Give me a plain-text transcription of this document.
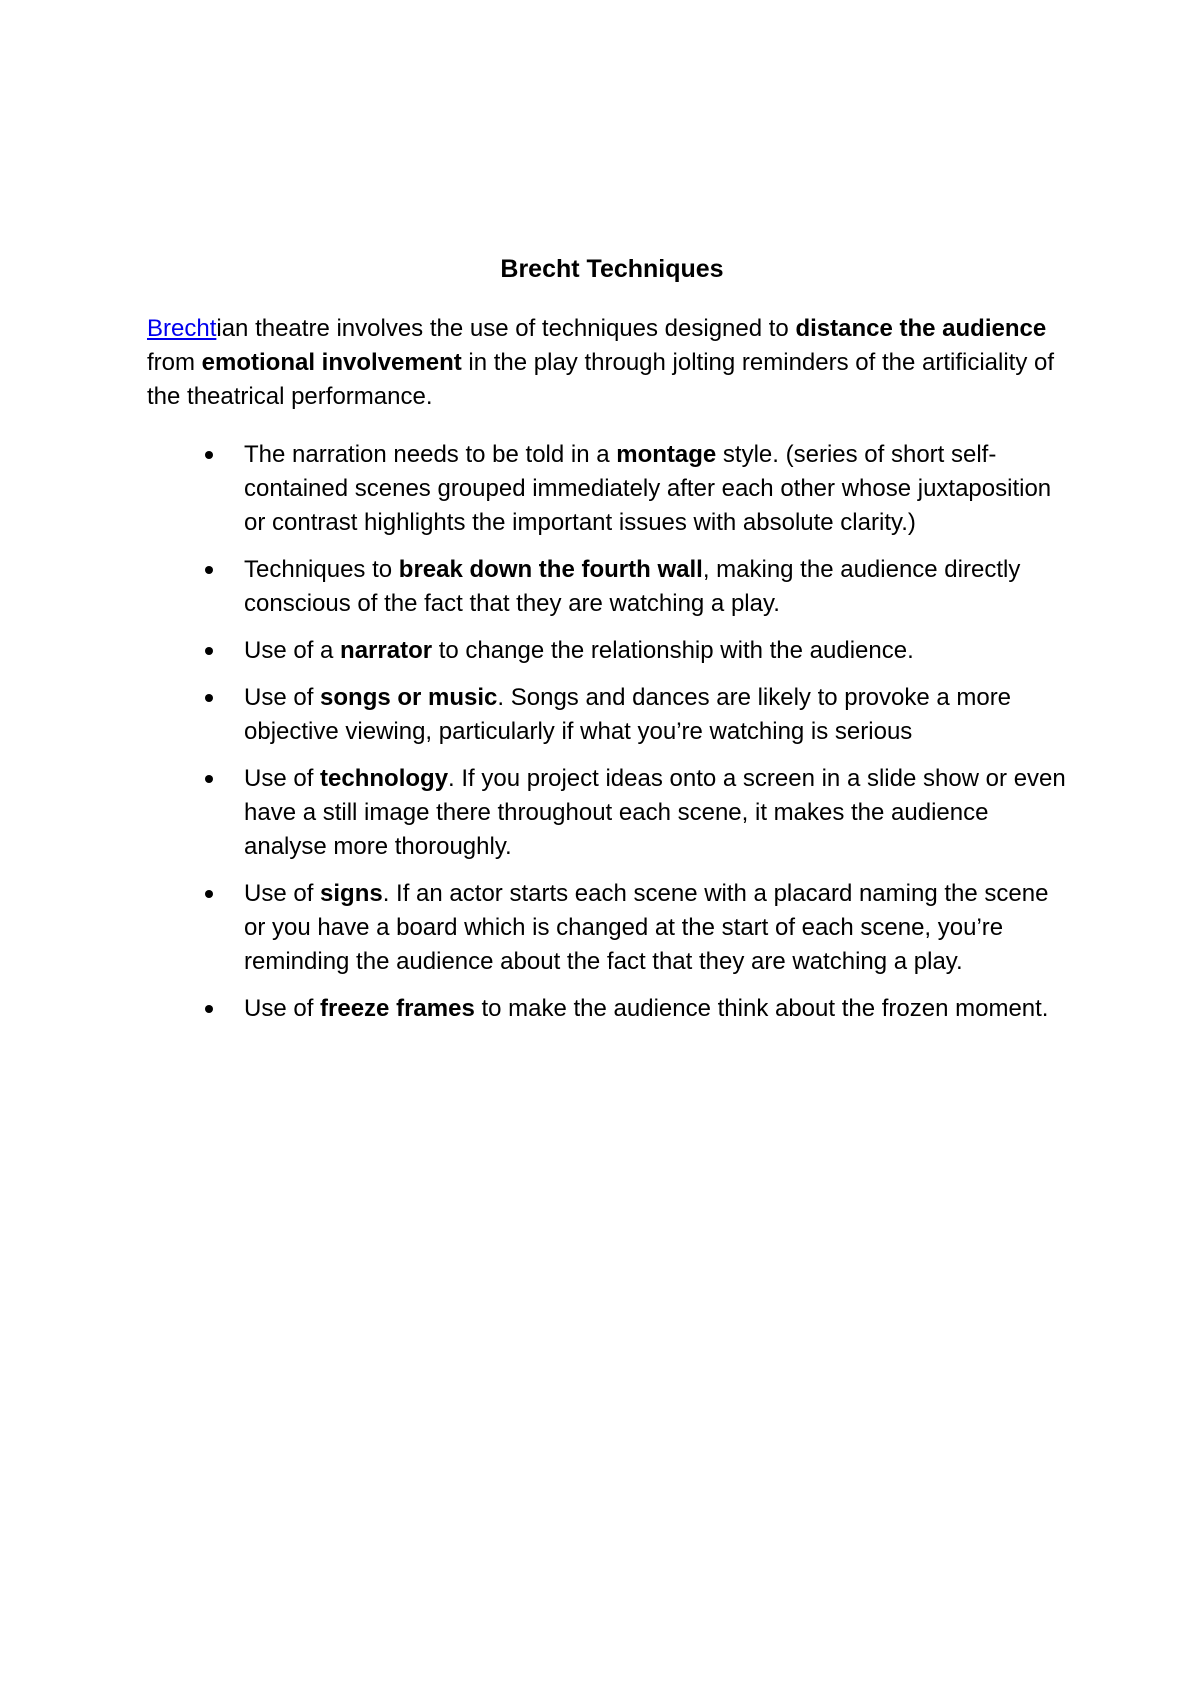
Brecht Techniques

Brechtian theatre involves the use of techniques designed to distance the audience from emotional involvement in the play through jolting reminders of the artificiality of the theatrical performance.

The narration needs to be told in a montage style. (series of short self-contained scenes grouped immediately after each other whose juxtaposition or contrast highlights the important issues with absolute clarity.)
Techniques to break down the fourth wall, making the audience directly conscious of the fact that they are watching a play.
Use of a narrator to change the relationship with the audience.
Use of songs or music. Songs and dances are likely to provoke a more objective viewing, particularly if what you’re watching is serious
Use of technology. If you project ideas onto a screen in a slide show or even have a still image there throughout each scene, it makes the audience analyse more thoroughly.
Use of signs. If an actor starts each scene with a placard naming the scene or you have a board which is changed at the start of each scene, you’re reminding the audience about the fact that they are watching a play.
Use of freeze frames to make the audience think about the frozen moment.
